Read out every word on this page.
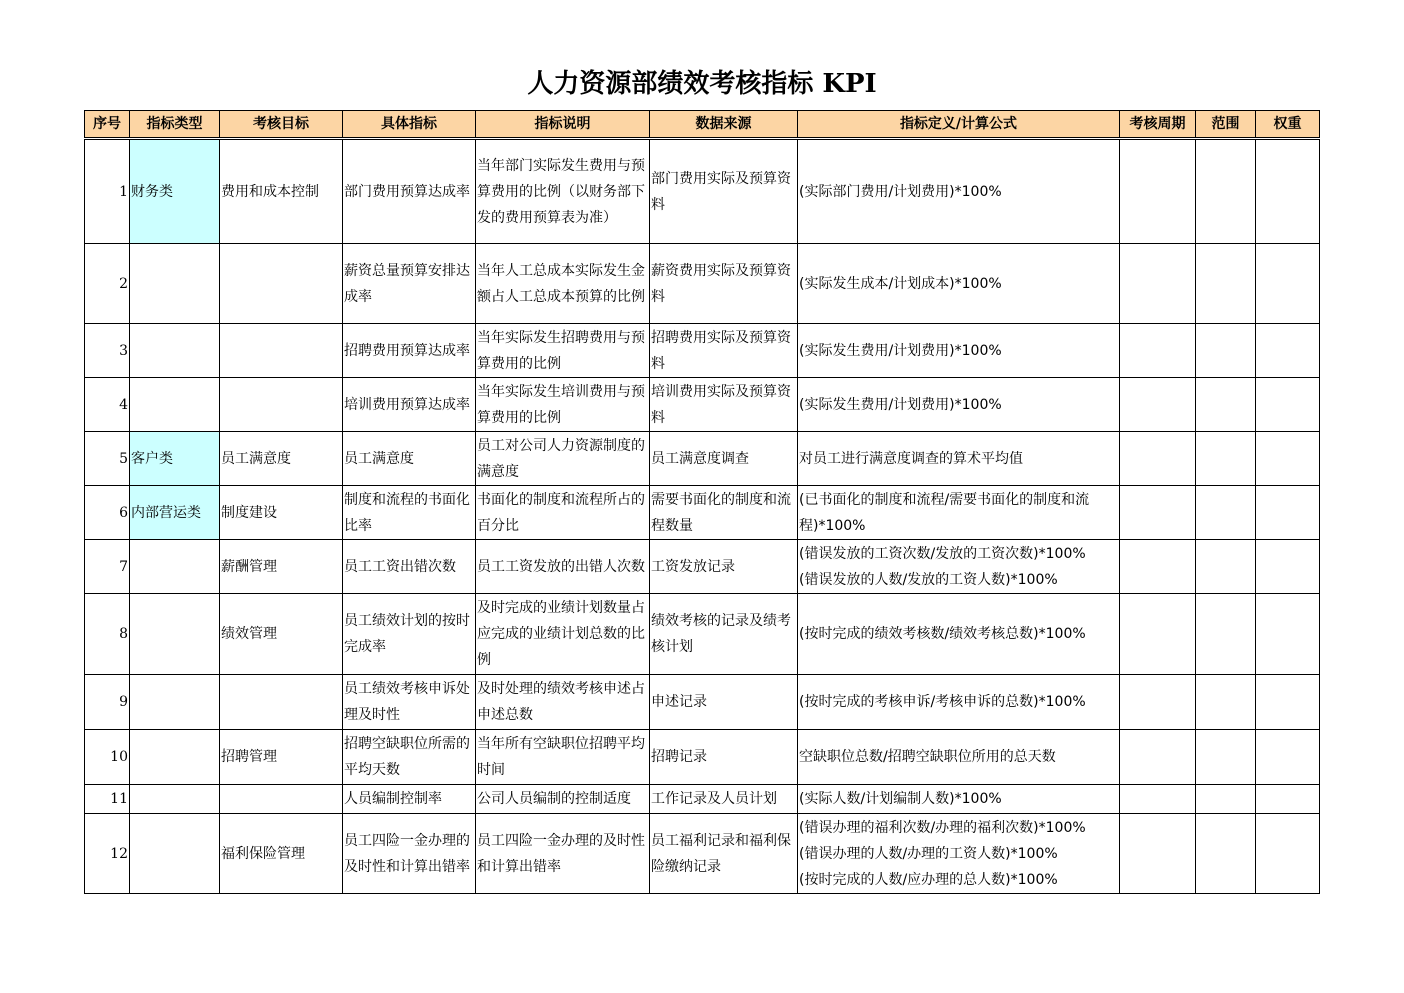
人力资源部绩效考核指标 KPI
序号	指标类型	考核目标	具体指标	指标说明	数据来源	指标定义/计算公式	考核周期	范围	权重
1	财务类	费用和成本控制	部门费用预算达成率	当年部门实际发生费用与预算费用的比例（以财务部下发的费用预算表为准）	部门费用实际及预算资料	(实际部门费用/计划费用)*100%			
2			薪资总量预算安排达成率	当年人工总成本实际发生金额占人工总成本预算的比例	薪资费用实际及预算资料	(实际发生成本/计划成本)*100%			
3			招聘费用预算达成率	当年实际发生招聘费用与预算费用的比例	招聘费用实际及预算资料	(实际发生费用/计划费用)*100%			
4			培训费用预算达成率	当年实际发生培训费用与预算费用的比例	培训费用实际及预算资料	(实际发生费用/计划费用)*100%			
5	客户类	员工满意度	员工满意度	员工对公司人力资源制度的满意度	员工满意度调查	对员工进行满意度调查的算术平均值			
6	内部营运类	制度建设	制度和流程的书面化比率	书面化的制度和流程所占的百分比	需要书面化的制度和流程数量	(已书面化的制度和流程/需要书面化的制度和流程)*100%			
7		薪酬管理	员工工资出错次数	员工工资发放的出错人次数	工资发放记录	(错误发放的工资次数/发放的工资次数)*100%
(错误发放的人数/发放的工资人数)*100%			

8		绩效管理	员工绩效计划的按时完成率	及时完成的业绩计划数量占应完成的业绩计划总数的比例	绩效考核的记录及绩考核计划	(按时完成的绩效考核数/绩效考核总数)*100%			
9			员工绩效考核申诉处理及时性	及时处理的绩效考核申述占申述总数	申述记录	(按时完成的考核申诉/考核申诉的总数)*100%			
10		招聘管理	招聘空缺职位所需的平均天数	当年所有空缺职位招聘平均时间	招聘记录	空缺职位总数/招聘空缺职位所用的总天数			
11			人员编制控制率	公司人员编制的控制适度	工作记录及人员计划	(实际人数/计划编制人数)*100%			
12		福利保险管理	员工四险一金办理的及时性和计算出错率	员工四险一金办理的及时性和计算出错率	员工福利记录和福利保险缴纳记录	(错误办理的福利次数/办理的福利次数)*100%
(错误办理的人数/办理的工资人数)*100%
(按时完成的人数/应办理的总人数)*100%			
